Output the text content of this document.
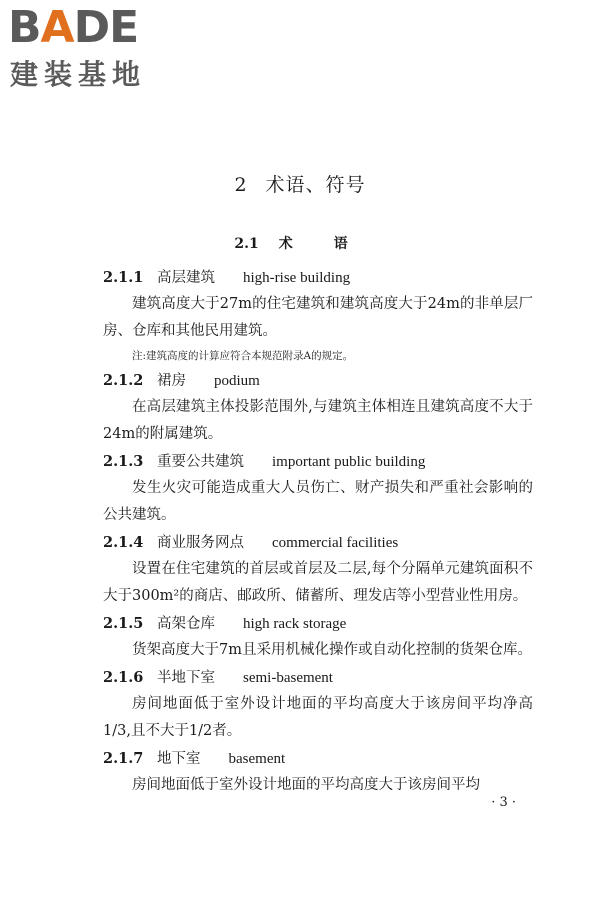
BADE
建装基地
2 术语、符号
2.1 术 语
2.1.1 高层建筑 high-rise building

建筑高度大于27m的住宅建筑和建筑高度大于24m的非单层厂房、仓库和其他民用建筑。

注:建筑高度的计算应符合本规范附录A的规定。
2.1.2 裙房 podium

在高层建筑主体投影范围外,与建筑主体相连且建筑高度不大于24m的附属建筑。

2.1.3 重要公共建筑 important public building

发生火灾可能造成重大人员伤亡、财产损失和严重社会影响的公共建筑。

2.1.4 商业服务网点 commercial facilities

设置在住宅建筑的首层或首层及二层,每个分隔单元建筑面积不大于300m²的商店、邮政所、储蓄所、理发店等小型营业性用房。

2.1.5 高架仓库 high rack storage

货架高度大于7m且采用机械化操作或自动化控制的货架仓库。

2.1.6 半地下室 semi-basement

房间地面低于室外设计地面的平均高度大于该房间平均净高1/3,且不大于1/2者。

2.1.7 地下室 basement

房间地面低于室外设计地面的平均高度大于该房间平均

· 3 ·
